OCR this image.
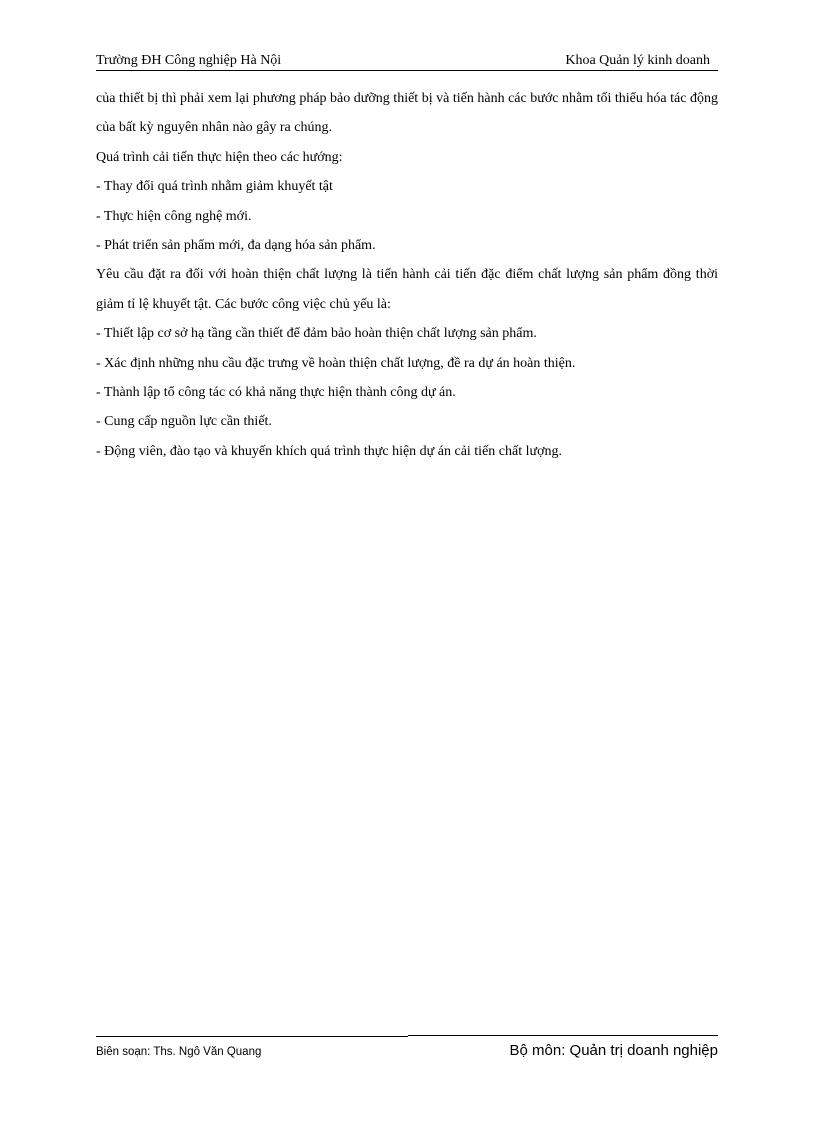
Trường ĐH Công nghiệp Hà Nội	Khoa Quản lý kinh doanh

của thiết bị thì phải xem lại phương pháp bảo dưỡng thiết bị và tiến hành các bước nhằm tối thiểu hóa tác động của bất kỳ nguyên nhân nào gây ra chúng.

Quá trình cải tiến thực hiện theo các hướng:

- Thay đổi quá trình nhằm giảm khuyết tật

- Thực hiện công nghệ mới.

- Phát triển sản phẩm mới, đa dạng hóa sản phẩm.

Yêu cầu đặt ra đối với hoàn thiện chất lượng là tiến hành cải tiến đặc điểm chất lượng sản phẩm đồng thời giảm tỉ lệ khuyết tật. Các bước công việc chủ yếu là:

- Thiết lập cơ sở hạ tầng cần thiết để đảm bảo hoàn thiện chất lượng sản phẩm.

- Xác định những nhu cầu đặc trưng về hoàn thiện chất lượng, đề ra dự án hoàn thiện.

- Thành lập tổ công tác có khả năng thực hiện thành công dự án.

- Cung cấp nguồn lực cần thiết.

- Động viên, đào tạo và khuyến khích quá trình thực hiện dự án cải tiến chất lượng.

Biên soạn: Ths. Ngô Văn Quang	Bộ môn: Quản trị doanh nghiệp
